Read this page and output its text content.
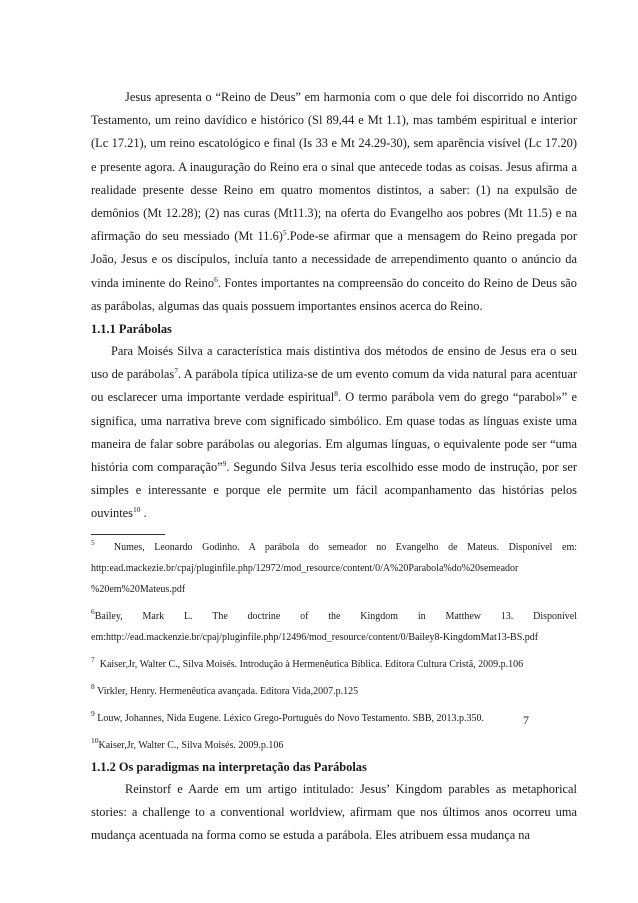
Jesus apresenta o “Reino de Deus” em harmonia com o que dele foi discorrido no Antigo Testamento, um reino davídico e histórico (Sl 89,44 e Mt 1.1), mas também espiritual e interior (Lc 17.21), um reino escatológico e final (Is 33 e Mt 24.29-30), sem aparência visível (Lc 17.20) e presente agora. A inauguração do Reino era o sinal que antecede todas as coisas. Jesus afirma a realidade presente desse Reino em quatro momentos distintos, a saber: (1) na expulsão de demônios (Mt 12.28); (2) nas curas (Mt11.3); na oferta do Evangelho aos pobres (Mt 11.5) e na afirmação do seu messiado (Mt 11.6)$^5$.Pode-se afirmar que a mensagem do Reino pregada por João, Jesus e os discípulos, incluía tanto a necessidade de arrependimento quanto o anúncio da vinda iminente do Reino$^6$. Fontes importantes na compreensão do conceito do Reino de Deus são as parábolas, algumas das quais possuem importantes ensinos acerca do Reino.

1.1.1 Parábolas

Para Moisés Silva a característica mais distintiva dos métodos de ensino de Jesus era o seu uso de parábolas$^7$. A parábola típica utiliza-se de um evento comum da vida natural para acentuar ou esclarecer uma importante verdade espiritual$^8$. O termo parábola vem do grego “parabol»” e significa, uma narrativa breve com significado simbólico. Em quase todas as línguas existe uma maneira de falar sobre parábolas ou alegorias. Em algumas línguas, o equivalente pode ser “uma história com comparação”$^9$. Segundo Silva Jesus teria escolhido esse modo de instrução, por ser simples e interessante e porque ele permite um fácil acompanhamento das histórias pelos ouvintes$^{10}$ .

$^5$ Numes, Leonardo Godinho. A parábola do semeador no Evangelho de Mateus. Disponível em:

http:ead.mackezie.br/cpaj/pluginfile.php/12972/mod_resource/content/0/A%20Parabola%do%20semeador

%20em%20Mateus.pdf

$^6$Bailey, Mark L. The doctrine of the Kingdom in Matthew 13. Disponível

em:http://ead.mackenzie.br/cpaj/pluginfile.php/12496/mod_resource/content/0/Bailey8-KingdomMat13-BS.pdf

$^7$  Kaiser,Jr, Walter C., Silva Moisés. Introdução à Hermenêutica Bíblica. Editora Cultura Cristã, 2009.p.106

$^8$ Virkler, Henry. Hermenêutica avançada. Editora Vida,2007.p.125

$^9$ Louw, Johannes, Nida Eugene. Léxico Grego-Português do Novo Testamento. SBB, 2013.p.350.

$^{10}$Kaiser,Jr, Walter C., Silva Moisés. 2009.p.106

1.1.2 Os paradigmas na interpretação das Parábolas

Reinstorf e Aarde em um artigo intitulado: Jesus’ Kingdom parables as metaphorical stories: a challenge to a conventional worldview, afirmam que nos últimos anos ocorreu uma mudança acentuada na forma como se estuda a parábola. Eles atribuem essa mudança na

7
